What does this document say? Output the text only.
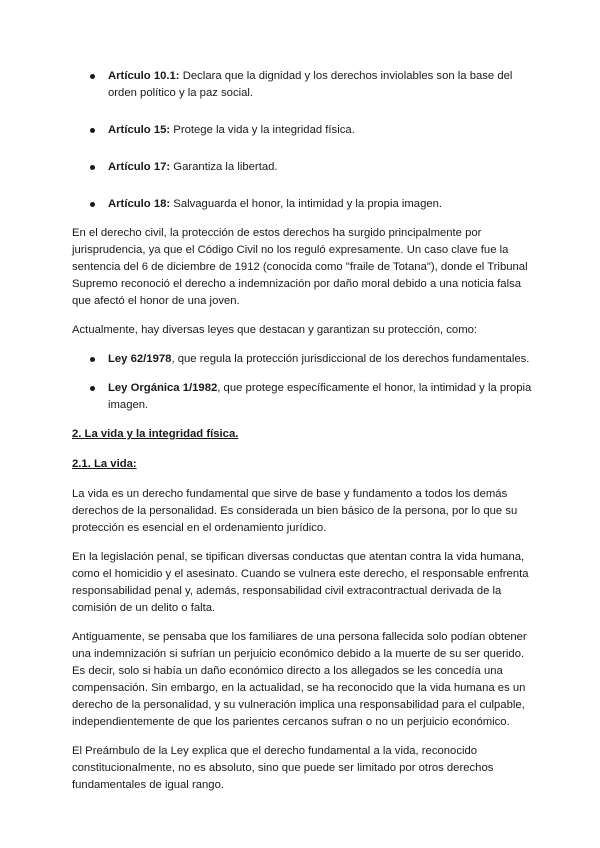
Artículo 10.1: Declara que la dignidad y los derechos inviolables son la base del orden político y la paz social.
Artículo 15: Protege la vida y la integridad física.
Artículo 17: Garantiza la libertad.
Artículo 18: Salvaguarda el honor, la intimidad y la propia imagen.

En el derecho civil, la protección de estos derechos ha surgido principalmente por jurisprudencia, ya que el Código Civil no los reguló expresamente. Un caso clave fue la sentencia del 6 de diciembre de 1912 (conocida como "fraile de Totana"), donde el Tribunal Supremo reconoció el derecho a indemnización por daño moral debido a una noticia falsa que afectó el honor de una joven.

Actualmente, hay diversas leyes que destacan y garantizan su protección, como:

Ley 62/1978, que regula la protección jurisdiccional de los derechos fundamentales.
Ley Orgánica 1/1982, que protege específicamente el honor, la intimidad y la propia imagen.
2. La vida y la integridad física.
2.1. La vida:

La vida es un derecho fundamental que sirve de base y fundamento a todos los demás derechos de la personalidad. Es considerada un bien básico de la persona, por lo que su protección es esencial en el ordenamiento jurídico.

En la legislación penal, se tipifican diversas conductas que atentan contra la vida humana, como el homicidio y el asesinato. Cuando se vulnera este derecho, el responsable enfrenta responsabilidad penal y, además, responsabilidad civil extracontractual derivada de la comisión de un delito o falta.

Antiguamente, se pensaba que los familiares de una persona fallecida solo podían obtener una indemnización si sufrían un perjuicio económico debido a la muerte de su ser querido. Es decir, solo si había un daño económico directo a los allegados se les concedía una compensación. Sin embargo, en la actualidad, se ha reconocido que la vida humana es un derecho de la personalidad, y su vulneración implica una responsabilidad para el culpable, independientemente de que los parientes cercanos sufran o no un perjuicio económico.

El Preámbulo de la Ley explica que el derecho fundamental a la vida, reconocido constitucionalmente, no es absoluto, sino que puede ser limitado por otros derechos fundamentales de igual rango.
